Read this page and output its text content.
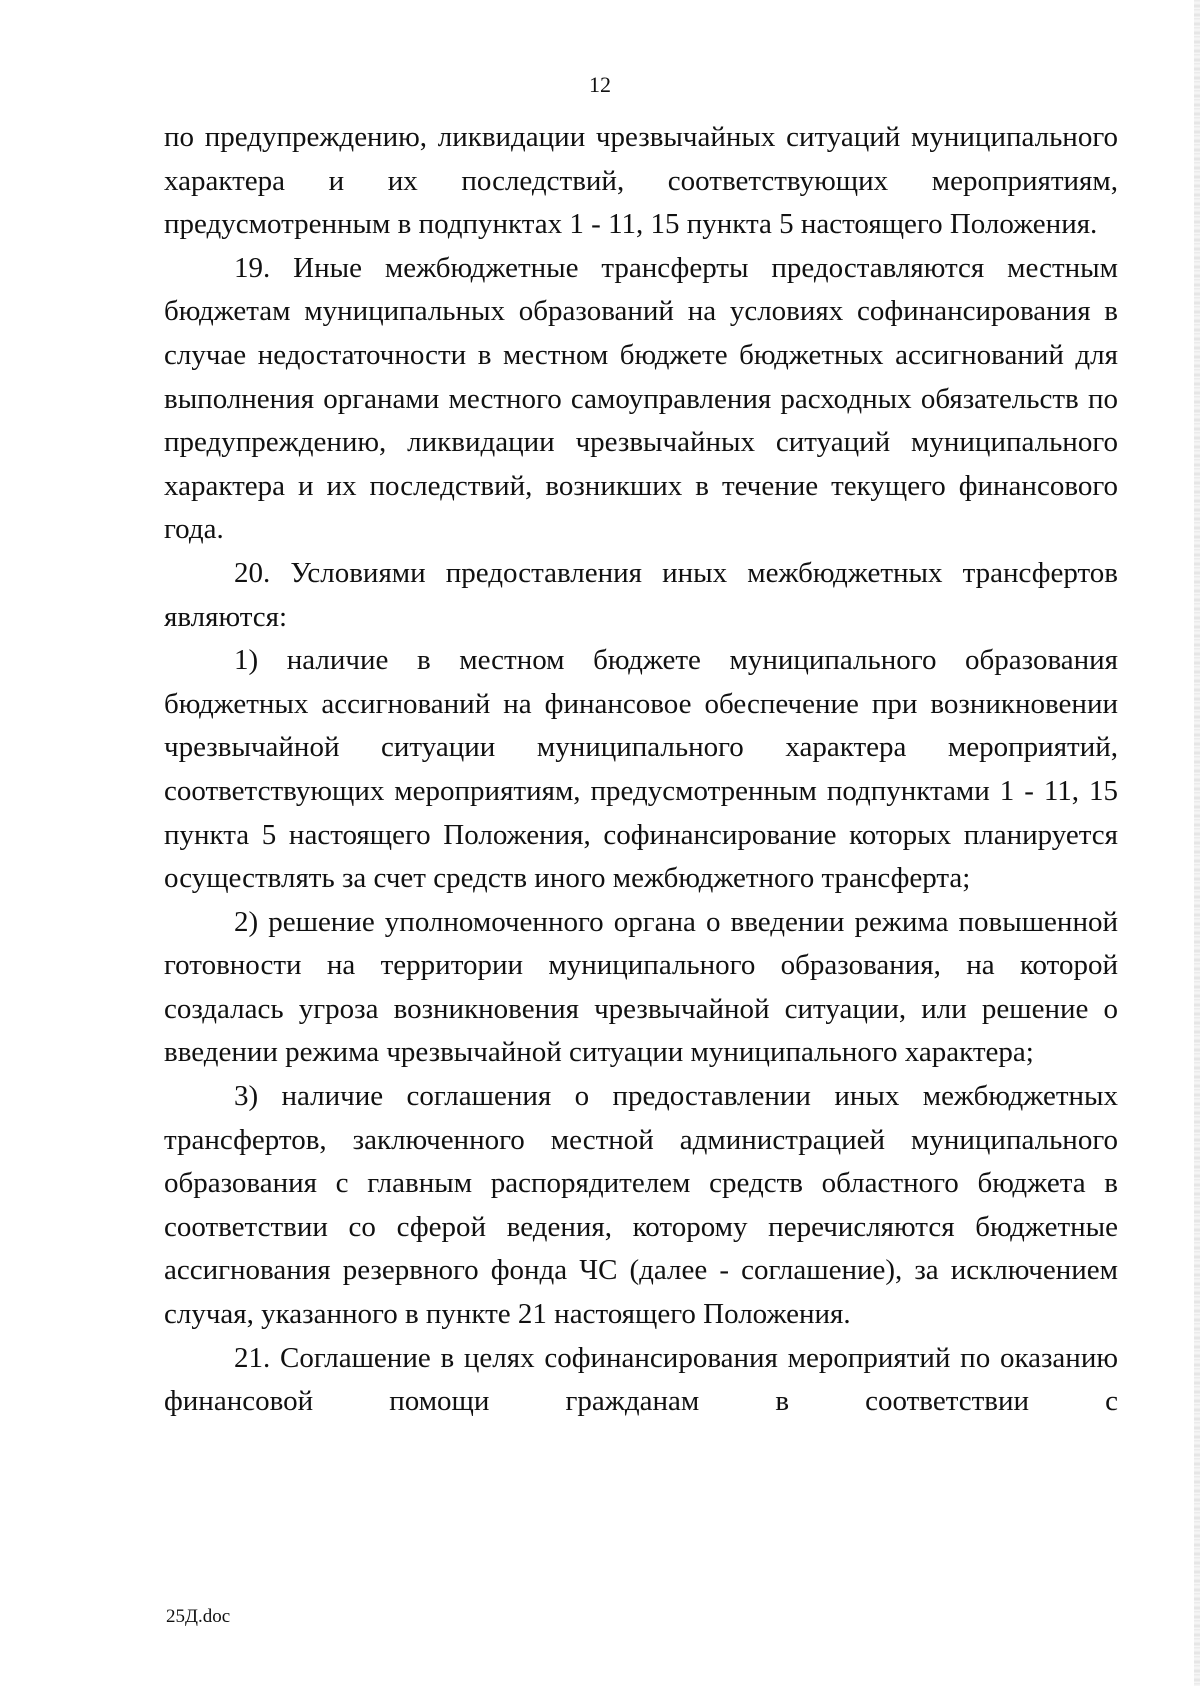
12

по предупреждению, ликвидации чрезвычайных ситуаций муниципального характера и их последствий, соответствующих мероприятиям, предусмотренным в подпунктах 1 - 11, 15 пункта 5 настоящего Положения.

19. Иные межбюджетные трансферты предоставляются местным бюджетам муниципальных образований на условиях софинансирования в случае недостаточности в местном бюджете бюджетных ассигнований для выполнения органами местного самоуправления расходных обязательств по предупреждению, ликвидации чрезвычайных ситуаций муниципального характера и их последствий, возникших в течение текущего финансового года.

20. Условиями предоставления иных межбюджетных трансфертов являются:

1) наличие в местном бюджете муниципального образования бюджетных ассигнований на финансовое обеспечение при возникновении чрезвычайной ситуации муниципального характера мероприятий, соответствующих мероприятиям, предусмотренным подпунктами 1 - 11, 15 пункта 5 настоящего Положения, софинансирование которых планируется осуществлять за счет средств иного межбюджетного трансферта;

2) решение уполномоченного органа о введении режима повышенной готовности на территории муниципального образования, на которой создалась угроза возникновения чрезвычайной ситуации, или решение о введении режима чрезвычайной ситуации муниципального характера;

3) наличие соглашения о предоставлении иных межбюджетных трансфертов, заключенного местной администрацией муниципального образования с главным распорядителем средств областного бюджета в соответствии со сферой ведения, которому перечисляются бюджетные ассигнования резервного фонда ЧС (далее - соглашение), за исключением случая, указанного в пункте 21 настоящего Положения.

21. Соглашение в целях софинансирования мероприятий по оказанию финансовой помощи гражданам в соответствии с

25Д.doc
